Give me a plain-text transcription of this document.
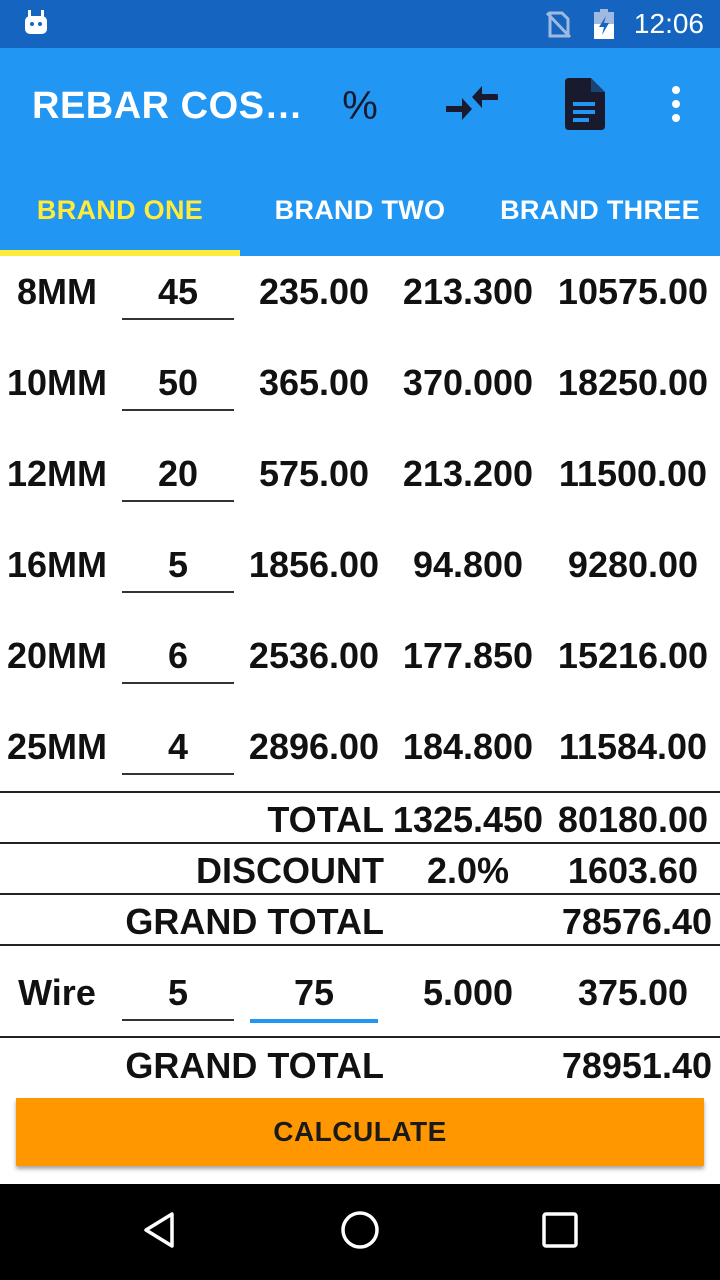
12:06
REBAR COS… %
BRAND ONE	BRAND TWO	BRAND THREE
8MM	45	235.00 213.300 10575.00
10MM	50	365.00 370.000 18250.00
12MM	20	575.00 213.200 11500.00
16MM	5	1856.00 94.800	9280.00
20MM	6	2536.00 177.850 15216.00
25MM	4	2896.00 184.800 11584.00
TOTAL 1325.450 80180.00
DISCOUNT	2.0%	1603.60
GRAND TOTAL	78576.40
Wire	5	75	5.000	375.00
GRAND TOTAL	78951.40
CALCULATE
